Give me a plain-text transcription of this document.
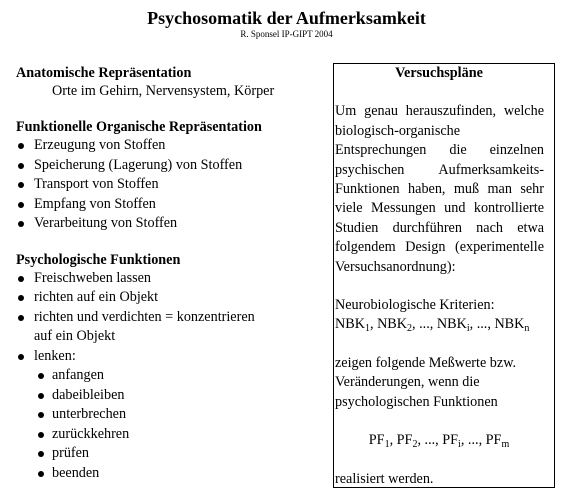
Psychosomatik der Aufmerksamkeit
R. Sponsel IP-GIPT 2004

Anatomische Repräsentation

Orte im Gehirn, Nervensystem, Körper

Funktionelle Organische Repräsentation

Erzeugung von Stoffen
Speicherung (Lagerung) von Stoffen
Transport von Stoffen
Empfang von Stoffen
Verarbeitung von Stoffen

Psychologische Funktionen

Freischweben lassen
richten auf ein Objekt
richten und verdichten = konzentrieren
auf ein Objekt
lenken:
anfangen
dabeibleiben
unterbrechen
zurückkehren
prüfen
beenden

Versuchspläne

Um genau herauszufinden, welche biologisch-organische Entsprechungen die einzelnen psychischen Aufmerksamkeits-Funktionen haben, muß man sehr viele Messungen und kontrollierte Studien durchführen nach etwa folgendem Design (experimentelle Versuchsanordnung):

Neurobiologische Kriterien:

$NBK_1$, $NBK_2$, ..., $NBK_i$, ..., $NBK_n$

zeigen folgende Meßwerte bzw. Veränderungen, wenn die psychologischen Funktionen

$PF_1$, $PF_2$, ..., $PF_i$, ..., $PF_m$

realisiert werden.
